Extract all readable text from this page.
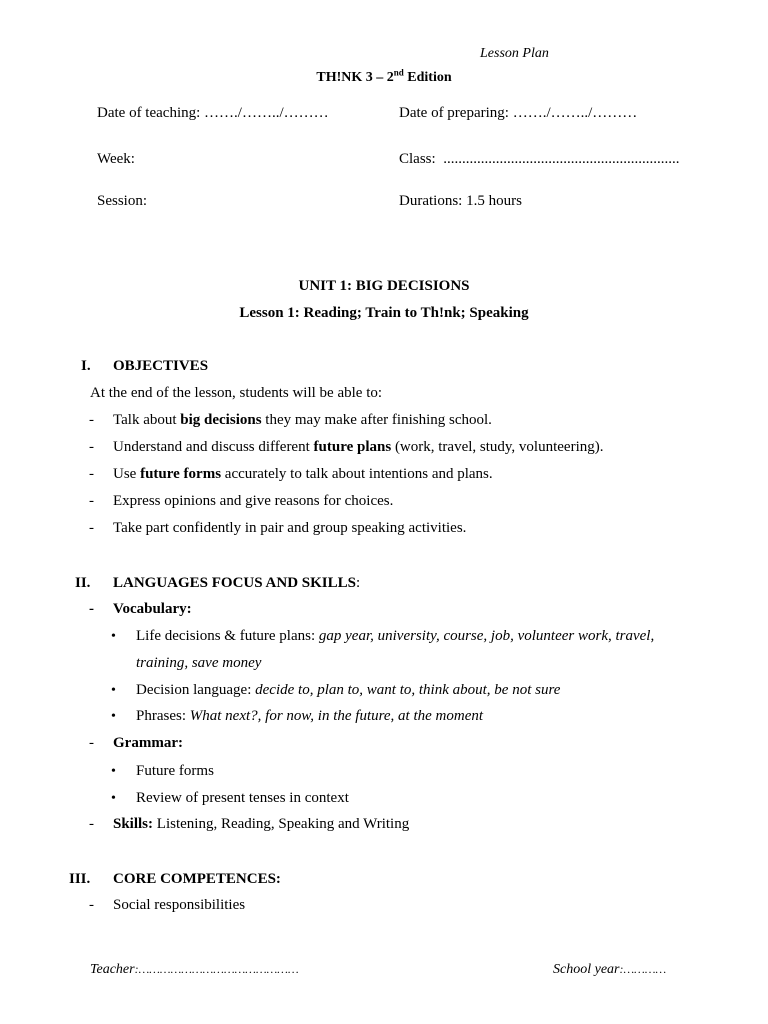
Lesson Plan
TH!NK 3 – 2nd Edition
Date of teaching: ……./……../………	Date of preparing: ……./……../………
Week:	Class: ...............................................................
Session:	Durations: 1.5 hours
UNIT 1: BIG DECISIONS
Lesson 1: Reading; Train to Th!nk; Speaking
I. OBJECTIVES
At the end of the lesson, students will be able to:
- Talk about big decisions they may make after finishing school.
- Understand and discuss different future plans (work, travel, study, volunteering).
- Use future forms accurately to talk about intentions and plans.
- Express opinions and give reasons for choices.
- Take part confidently in pair and group speaking activities.
II. LANGUAGES FOCUS AND SKILLS:
- Vocabulary:
• Life decisions & future plans: gap year, university, course, job, volunteer work, travel,
training, save money
• Decision language: decide to, plan to, want to, think about, be not sure
• Phrases: What next?, for now, in the future, at the moment
- Grammar:
• Future forms
• Review of present tenses in context
- Skills: Listening, Reading, Speaking and Writing
III. CORE COMPETENCES:
- Social responsibilities
Teacher:………………………………………	School year:…………
